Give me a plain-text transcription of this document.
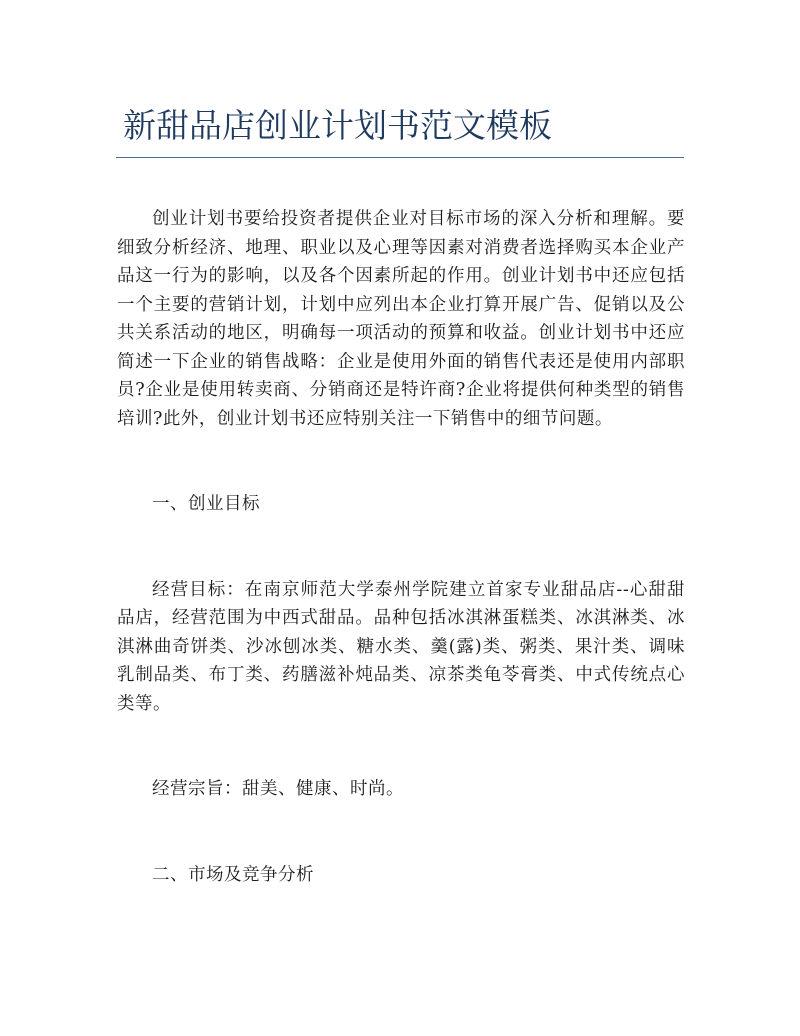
新甜品店创业计划书范文模板

创业计划书要给投资者提供企业对目标市场的深入分析和理解。要细致分析经济、地理、职业以及心理等因素对消费者选择购买本企业产品这一行为的影响，以及各个因素所起的作用。创业计划书中还应包括一个主要的营销计划，计划中应列出本企业打算开展广告、促销以及公共关系活动的地区，明确每一项活动的预算和收益。创业计划书中还应简述一下企业的销售战略：企业是使用外面的销售代表还是使用内部职员?企业是使用转卖商、分销商还是特许商?企业将提供何种类型的销售培训?此外，创业计划书还应特别关注一下销售中的细节问题。

一、创业目标

经营目标：在南京师范大学泰州学院建立首家专业甜品店--心甜甜品店，经营范围为中西式甜品。品种包括冰淇淋蛋糕类、冰淇淋类、冰淇淋曲奇饼类、沙冰刨冰类、糖水类、羹(露)类、粥类、果汁类、调味乳制品类、布丁类、药膳滋补炖品类、凉茶类龟苓膏类、中式传统点心类等。

经营宗旨：甜美、健康、时尚。

二、市场及竞争分析
